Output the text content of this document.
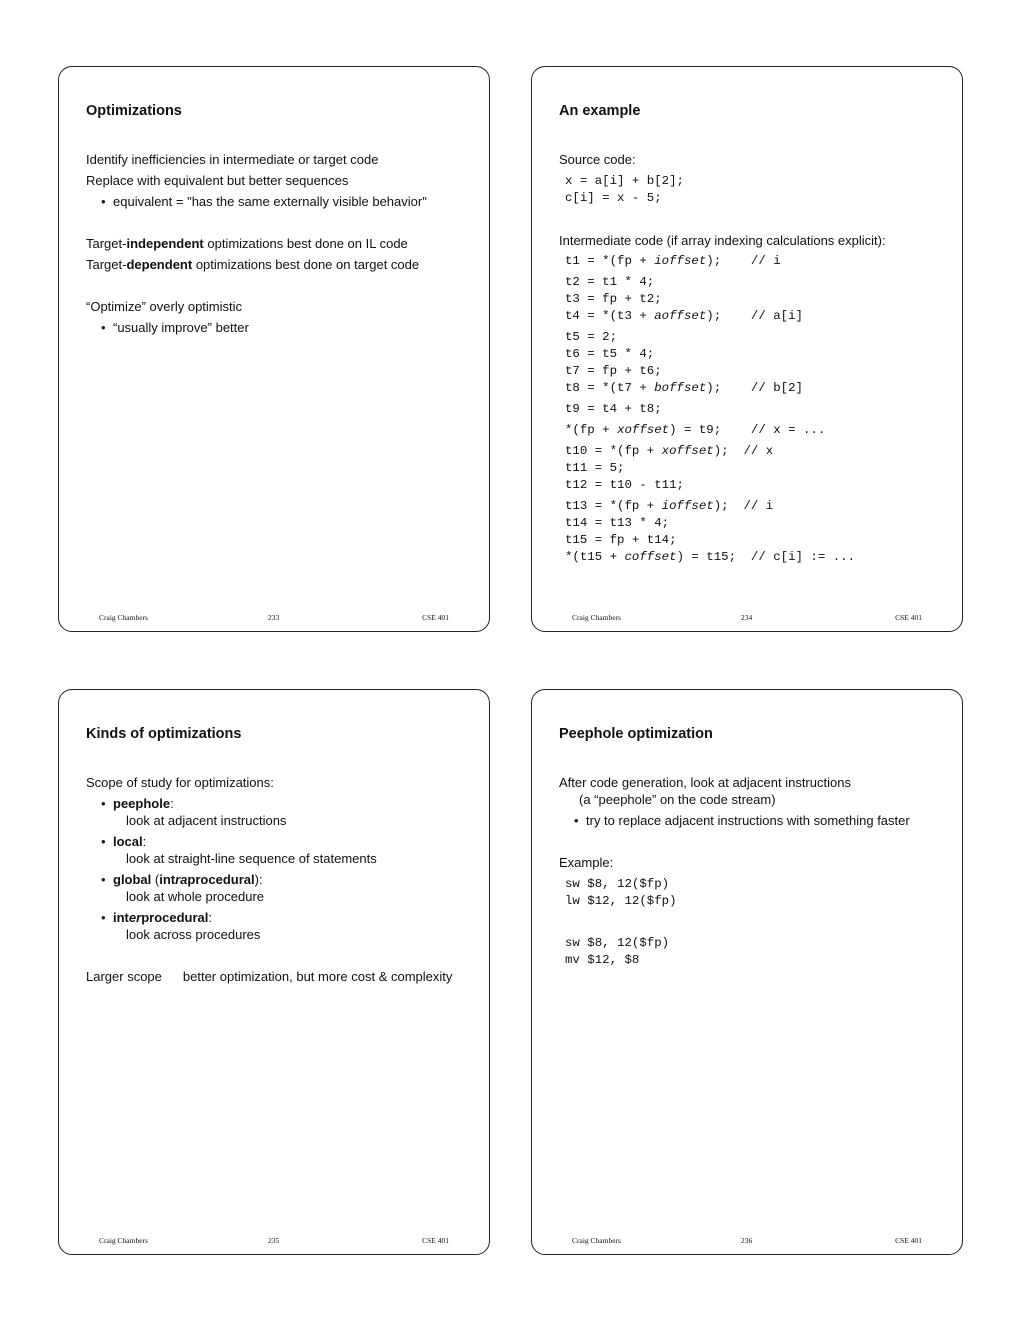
Optimizations
Identify inefficiencies in intermediate or target code
Replace with equivalent but better sequences
• equivalent = "has the same externally visible behavior"
Target-independent optimizations best done on IL code
Target-dependent optimizations best done on target code
“Optimize” overly optimistic
• “usually improve” better
Craig Chambers	233	CSE 401
An example
Source code:
x = a[i] + b[2];
c[i] = x - 5;
Intermediate code (if array indexing calculations explicit):
t1 = *(fp + ioffset);    // i
t2 = t1 * 4;
t3 = fp + t2;
t4 = *(t3 + aoffset);    // a[i]
t5 = 2;
t6 = t5 * 4;
t7 = fp + t6;
t8 = *(t7 + boffset);    // b[2]
t9 = t4 + t8;
*(fp + xoffset) = t9;    // x = ...
t10 = *(fp + xoffset);  // x
t11 = 5;
t12 = t10 - t11;
t13 = *(fp + ioffset);  // i
t14 = t13 * 4;
t15 = fp + t14;
*(t15 + coffset) = t15;  // c[i] := ...
Craig Chambers	234	CSE 401
Kinds of optimizations
Scope of study for optimizations:
• peephole:
look at adjacent instructions
• local:
look at straight-line sequence of statements
• global (intraprocedural):
look at whole procedure
• interprocedural:
look across procedures
Larger scope better optimization, but more cost & complexity
Craig Chambers	235	CSE 401
Peephole optimization
After code generation, look at adjacent instructions
(a “peephole” on the code stream)
• try to replace adjacent instructions with something faster
Example:
sw $8, 12($fp)
lw $12, 12($fp)
sw $8, 12($fp)
mv $12, $8
Craig Chambers	236	CSE 401
